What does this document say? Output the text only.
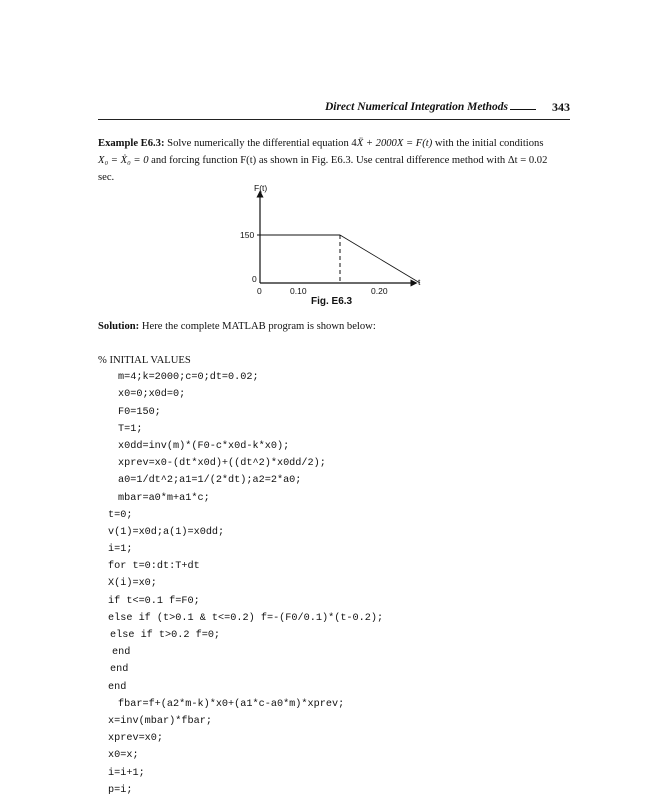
Direct Numerical Integration Methods	343
Example E6.3: Solve numerically the differential equation 4Ẍ + 2000X = F(t) with the initial conditions
X₀ = Ẋ₀ = 0 and forcing function F(t) as shown in Fig. E6.3. Use central difference method with Δt = 0.02
sec.
F(t)
150
0
0	0.10	0.20
t
Fig. E6.3
Solution: Here the complete MATLAB program is shown below:
% INITIAL VALUES
m=4;k=2000;c=0;dt=0.02;
x0=0;x0d=0;
F0=150;
T=1;
x0dd=inv(m)*(F0-c*x0d-k*x0);
xprev=x0-(dt*x0d)+((dt^2)*x0dd/2);
a0=1/dt^2;a1=1/(2*dt);a2=2*a0;
mbar=a0*m+a1*c;
t=0;
v(1)=x0d;a(1)=x0dd;
i=1;
for t=0:dt:T+dt
X(i)=x0;
if t<=0.1 f=F0;
else if (t>0.1 & t<=0.2) f=-(F0/0.1)*(t-0.2);
else if t>0.2 f=0;
end
end
end
fbar=f+(a2*m-k)*x0+(a1*c-a0*m)*xprev;
x=inv(mbar)*fbar;
xprev=x0;
x0=x;
i=i+1;
p=i;
